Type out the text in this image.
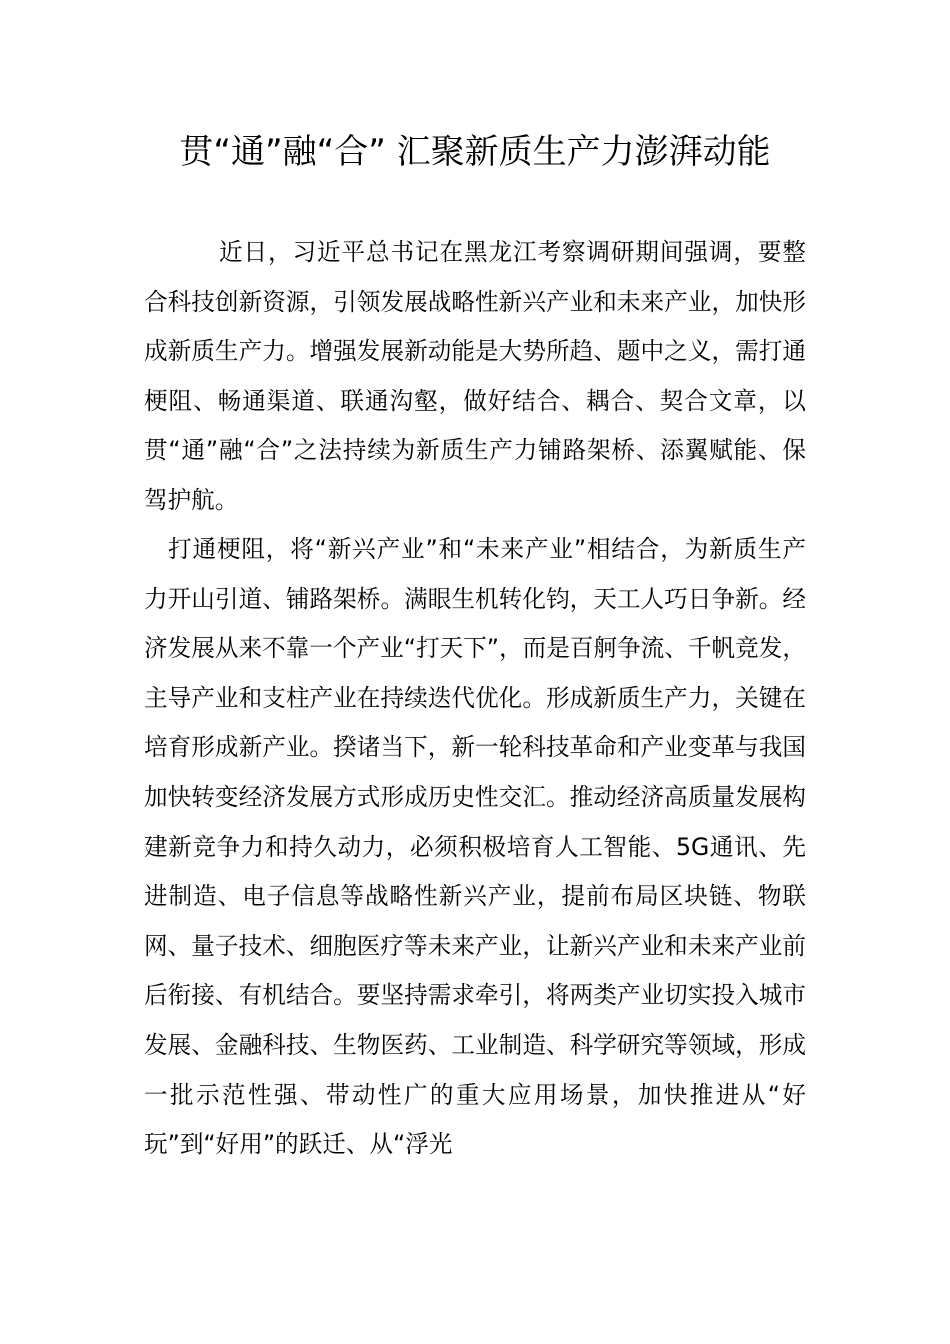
贯“通”融“合” 汇聚新质生产力澎湃动能

近日，习近平总书记在黑龙江考察调研期间强调，要整合科技创新资源，引领发展战略性新兴产业和未来产业，加快形成新质生产力。增强发展新动能是大势所趋、题中之义，需打通梗阻、畅通渠道、联通沟壑，做好结合、耦合、契合文章，以贯“通”融“合”之法持续为新质生产力铺路架桥、添翼赋能、保驾护航。

打通梗阻，将“新兴产业”和“未来产业”相结合，为新质生产力开山引道、铺路架桥。满眼生机转化钧，天工人巧日争新。经济发展从来不靠一个产业“打天下”，而是百舸争流、千帆竞发，主导产业和支柱产业在持续迭代优化。形成新质生产力，关键在培育形成新产业。揆诸当下，新一轮科技革命和产业变革与我国加快转变经济发展方式形成历史性交汇。推动经济高质量发展构建新竞争力和持久动力，必须积极培育人工智能、5G通讯、先进制造、电子信息等战略性新兴产业，提前布局区块链、物联网、量子技术、细胞医疗等未来产业，让新兴产业和未来产业前后衔接、有机结合。要坚持需求牵引，将两类产业切实投入城市发展、金融科技、生物医药、工业制造、科学研究等领域，形成一批示范性强、带动性广的重大应用场景，加快推进从“好玩”到“好用”的跃迁、从“浮光
